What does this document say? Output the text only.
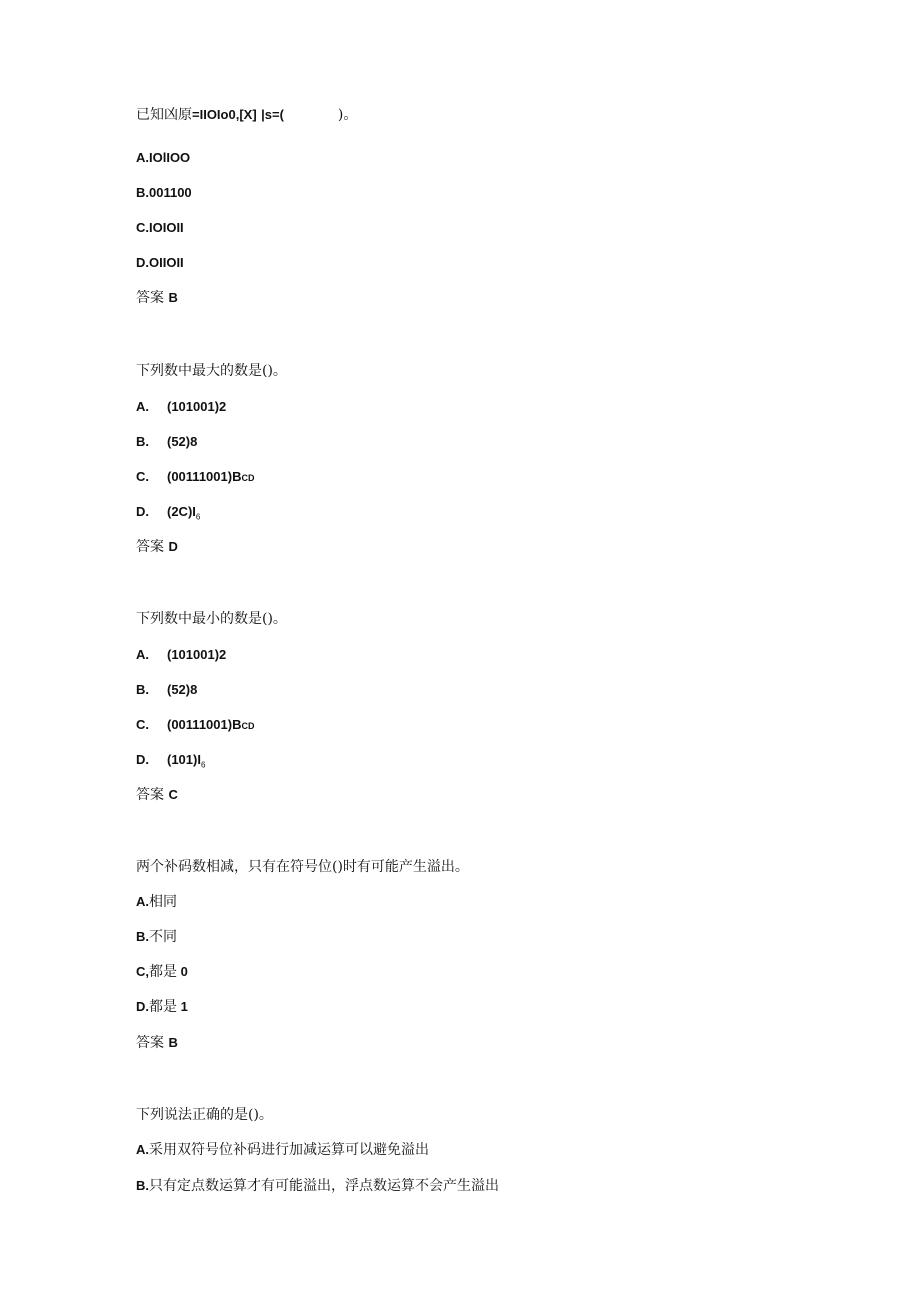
已知凶原=IIOIo0,[X] |s=(	)。
A.IOlIOO
B.001100
C.IOIOII
D.OIIOII
答案 B
下列数中最大的数是()。
A. (101001)2
B. (52)8
C. (00111001)BCD
D. $(2C)I_6$
答案 D
下列数中最小的数是()。
A. (101001)2
B. (52)8
C. (00111001)BCD
D. $(101)I_6$
答案 C
两个补码数相减，只有在符号位()时有可能产生溢出。
A.相同
B.不同
C,都是 0
D.都是 1
答案 B
下列说法正确的是()。
A.采用双符号位补码进行加减运算可以避免溢出
B.只有定点数运算才有可能溢出，浮点数运算不会产生溢出
